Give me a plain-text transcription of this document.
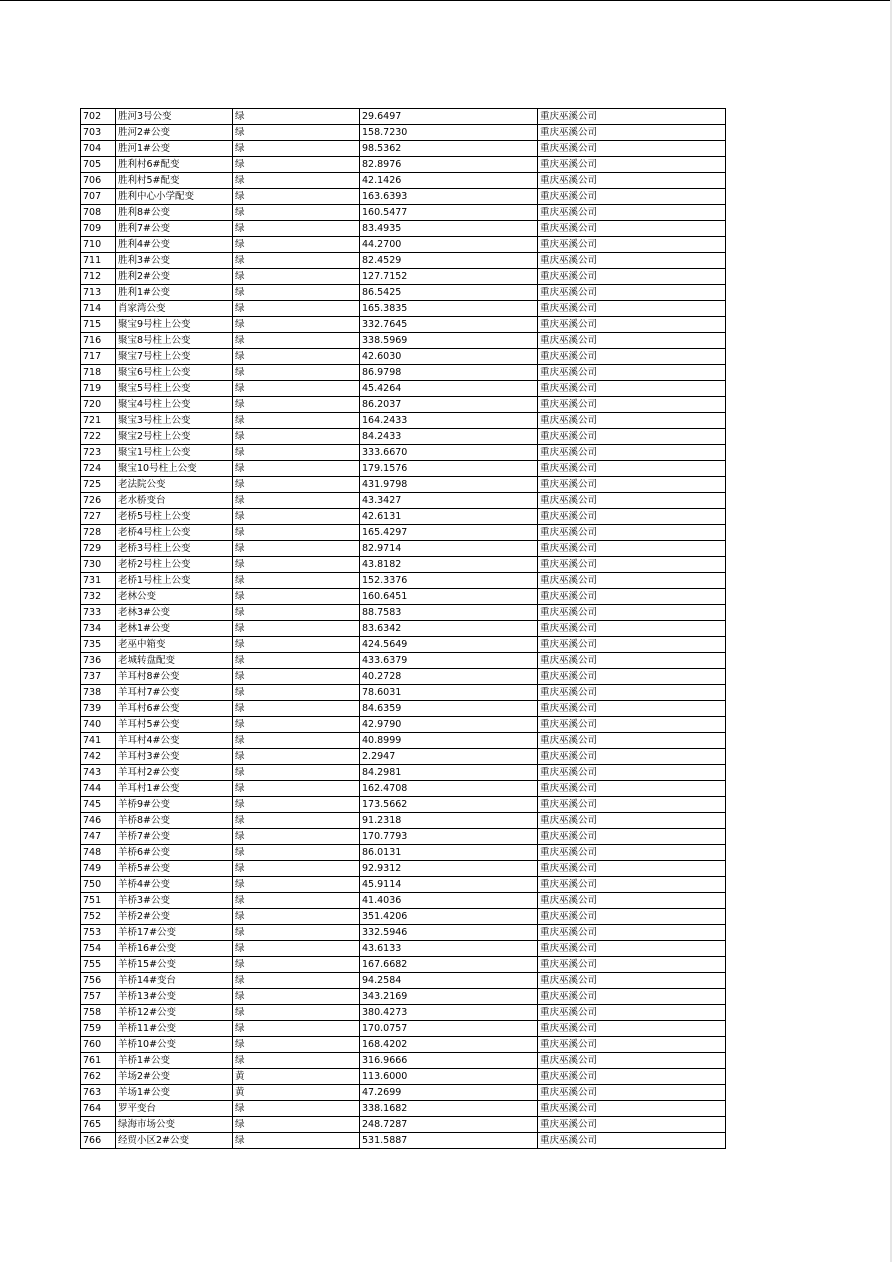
702	胜河3号公变	绿	29.6497	重庆巫溪公司
703	胜河2#公变	绿	158.7230	重庆巫溪公司
704	胜河1#公变	绿	98.5362	重庆巫溪公司
705	胜利村6#配变	绿	82.8976	重庆巫溪公司
706	胜利村5#配变	绿	42.1426	重庆巫溪公司
707	胜利中心小学配变	绿	163.6393	重庆巫溪公司
708	胜利8#公变	绿	160.5477	重庆巫溪公司
709	胜利7#公变	绿	83.4935	重庆巫溪公司
710	胜利4#公变	绿	44.2700	重庆巫溪公司
711	胜利3#公变	绿	82.4529	重庆巫溪公司
712	胜利2#公变	绿	127.7152	重庆巫溪公司
713	胜利1#公变	绿	86.5425	重庆巫溪公司
714	肖家湾公变	绿	165.3835	重庆巫溪公司
715	聚宝9号柱上公变	绿	332.7645	重庆巫溪公司
716	聚宝8号柱上公变	绿	338.5969	重庆巫溪公司
717	聚宝7号柱上公变	绿	42.6030	重庆巫溪公司
718	聚宝6号柱上公变	绿	86.9798	重庆巫溪公司
719	聚宝5号柱上公变	绿	45.4264	重庆巫溪公司
720	聚宝4号柱上公变	绿	86.2037	重庆巫溪公司
721	聚宝3号柱上公变	绿	164.2433	重庆巫溪公司
722	聚宝2号柱上公变	绿	84.2433	重庆巫溪公司
723	聚宝1号柱上公变	绿	333.6670	重庆巫溪公司
724	聚宝10号柱上公变	绿	179.1576	重庆巫溪公司
725	老法院公变	绿	431.9798	重庆巫溪公司
726	老水桥变台	绿	43.3427	重庆巫溪公司
727	老桥5号柱上公变	绿	42.6131	重庆巫溪公司
728	老桥4号柱上公变	绿	165.4297	重庆巫溪公司
729	老桥3号柱上公变	绿	82.9714	重庆巫溪公司
730	老桥2号柱上公变	绿	43.8182	重庆巫溪公司
731	老桥1号柱上公变	绿	152.3376	重庆巫溪公司
732	老林公变	绿	160.6451	重庆巫溪公司
733	老林3#公变	绿	88.7583	重庆巫溪公司
734	老林1#公变	绿	83.6342	重庆巫溪公司
735	老巫中箱变	绿	424.5649	重庆巫溪公司
736	老城转盘配变	绿	433.6379	重庆巫溪公司
737	羊耳村8#公变	绿	40.2728	重庆巫溪公司
738	羊耳村7#公变	绿	78.6031	重庆巫溪公司
739	羊耳村6#公变	绿	84.6359	重庆巫溪公司
740	羊耳村5#公变	绿	42.9790	重庆巫溪公司
741	羊耳村4#公变	绿	40.8999	重庆巫溪公司
742	羊耳村3#公变	绿	2.2947	重庆巫溪公司
743	羊耳村2#公变	绿	84.2981	重庆巫溪公司
744	羊耳村1#公变	绿	162.4708	重庆巫溪公司
745	羊桥9#公变	绿	173.5662	重庆巫溪公司
746	羊桥8#公变	绿	91.2318	重庆巫溪公司
747	羊桥7#公变	绿	170.7793	重庆巫溪公司
748	羊桥6#公变	绿	86.0131	重庆巫溪公司
749	羊桥5#公变	绿	92.9312	重庆巫溪公司
750	羊桥4#公变	绿	45.9114	重庆巫溪公司
751	羊桥3#公变	绿	41.4036	重庆巫溪公司
752	羊桥2#公变	绿	351.4206	重庆巫溪公司
753	羊桥17#公变	绿	332.5946	重庆巫溪公司
754	羊桥16#公变	绿	43.6133	重庆巫溪公司
755	羊桥15#公变	绿	167.6682	重庆巫溪公司
756	羊桥14#变台	绿	94.2584	重庆巫溪公司
757	羊桥13#公变	绿	343.2169	重庆巫溪公司
758	羊桥12#公变	绿	380.4273	重庆巫溪公司
759	羊桥11#公变	绿	170.0757	重庆巫溪公司
760	羊桥10#公变	绿	168.4202	重庆巫溪公司
761	羊桥1#公变	绿	316.9666	重庆巫溪公司
762	羊场2#公变	黄	113.6000	重庆巫溪公司
763	羊场1#公变	黄	47.2699	重庆巫溪公司
764	罗平变台	绿	338.1682	重庆巫溪公司
765	绿海市场公变	绿	248.7287	重庆巫溪公司
766	经贸小区2#公变	绿	531.5887	重庆巫溪公司
